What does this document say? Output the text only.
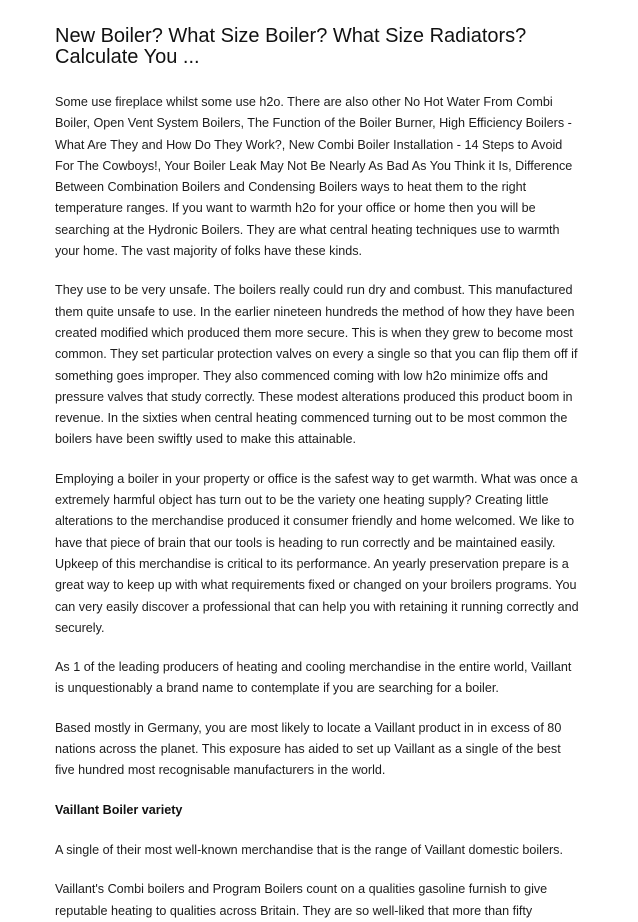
New Boiler? What Size Boiler? What Size Radiators? Calculate You ...

Some use fireplace whilst some use h2o. There are also other No Hot Water From Combi Boiler, Open Vent System Boilers, The Function of the Boiler Burner, High Efficiency Boilers - What Are They and How Do They Work?, New Combi Boiler Installation - 14 Steps to Avoid For The Cowboys!, Your Boiler Leak May Not Be Nearly As Bad As You Think it Is, Difference Between Combination Boilers and Condensing Boilers ways to heat them to the right temperature ranges. If you want to warmth h2o for your office or home then you will be searching at the Hydronic Boilers. They are what central heating techniques use to warmth your home. The vast majority of folks have these kinds.

They use to be very unsafe. The boilers really could run dry and combust. This manufactured them quite unsafe to use. In the earlier nineteen hundreds the method of how they have been created modified which produced them more secure. This is when they grew to become most common. They set particular protection valves on every a single so that you can flip them off if something goes improper. They also commenced coming with low h2o minimize offs and pressure valves that study correctly. These modest alterations produced this product boom in revenue. In the sixties when central heating commenced turning out to be most common the boilers have been swiftly used to make this attainable.

Employing a boiler in your property or office is the safest way to get warmth. What was once a extremely harmful object has turn out to be the variety one heating supply? Creating little alterations to the merchandise produced it consumer friendly and home welcomed. We like to have that piece of brain that our tools is heading to run correctly and be maintained easily. Upkeep of this merchandise is critical to its performance. An yearly preservation prepare is a great way to keep up with what requirements fixed or changed on your broilers programs. You can very easily discover a professional that can help you with retaining it running correctly and securely.

As 1 of the leading producers of heating and cooling merchandise in the entire world, Vaillant is unquestionably a brand name to contemplate if you are searching for a boiler.

Based mostly in Germany, you are most likely to locate a Vaillant product in in excess of 80 nations across the planet. This exposure has aided to set up Vaillant as a single of the best five hundred most recognisable manufacturers in the world.

Vaillant Boiler variety

A single of their most well-known merchandise that is the range of Vaillant domestic boilers.

Vaillant's Combi boilers and Program Boilers count on a qualities gasoline furnish to give reputable heating to qualities across Britain. They are so well-liked that more than fifty
